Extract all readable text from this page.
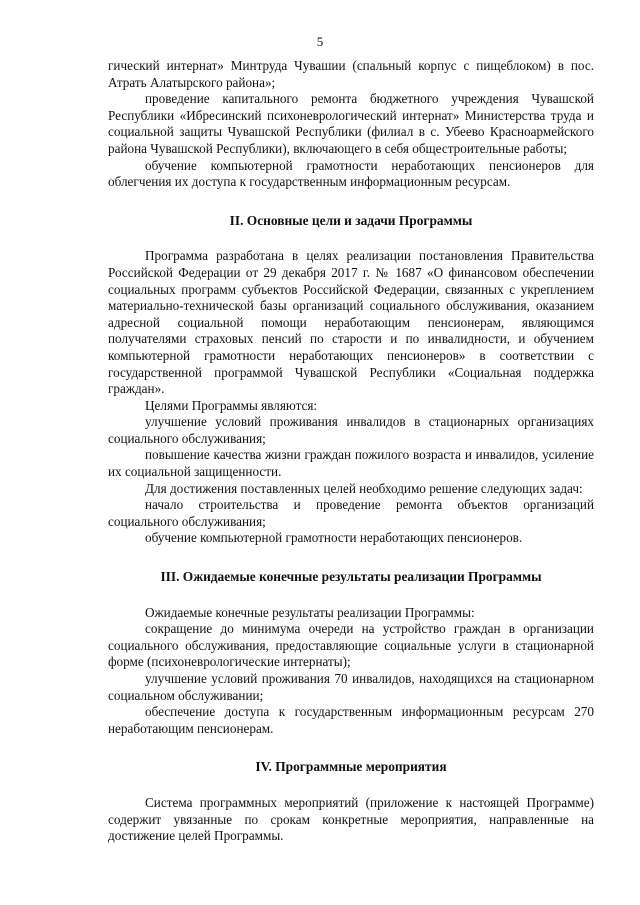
5

гический интернат» Минтруда Чувашии (спальный корпус с пищеблоком) в пос. Атрать Алатырского района»;

проведение капитального ремонта бюджетного учреждения Чувашской Республики «Ибресинский психоневрологический интернат» Министерства труда и социальной защиты Чувашской Республики (филиал в с. Убеево Красноармейского района Чувашской Республики), включающего в себя общестроительные работы;

обучение компьютерной грамотности неработающих пенсионеров для облегчения их доступа к государственным информационным ресурсам.

II. Основные цели и задачи Программы

Программа разработана в целях реализации постановления Правительства Российской Федерации от 29 декабря 2017 г. № 1687 «О финансовом обеспечении социальных программ субъектов Российской Федерации, связанных с укреплением материально-технической базы организаций социального обслуживания, оказанием адресной социальной помощи неработающим пенсионерам, являющимся получателями страховых пенсий по старости и по инвалидности, и обучением компьютерной грамотности неработающих пенсионеров» в соответствии с государственной программой Чувашской Республики «Социальная поддержка граждан».

Целями Программы являются:

улучшение условий проживания инвалидов в стационарных организациях социального обслуживания;

повышение качества жизни граждан пожилого возраста и инвалидов, усиление их социальной защищенности.

Для достижения поставленных целей необходимо решение следующих задач:

начало строительства и проведение ремонта объектов организаций социального обслуживания;

обучение компьютерной грамотности неработающих пенсионеров.

III. Ожидаемые конечные результаты реализации Программы

Ожидаемые конечные результаты реализации Программы:

сокращение до минимума очереди на устройство граждан в организации социального обслуживания, предоставляющие социальные услуги в стационарной форме (психоневрологические интернаты);

улучшение условий проживания 70 инвалидов, находящихся на стационарном социальном обслуживании;

обеспечение доступа к государственным информационным ресурсам 270 неработающим пенсионерам.

IV. Программные мероприятия

Система программных мероприятий (приложение к настоящей Программе) содержит увязанные по срокам конкретные мероприятия, направленные на достижение целей Программы.
